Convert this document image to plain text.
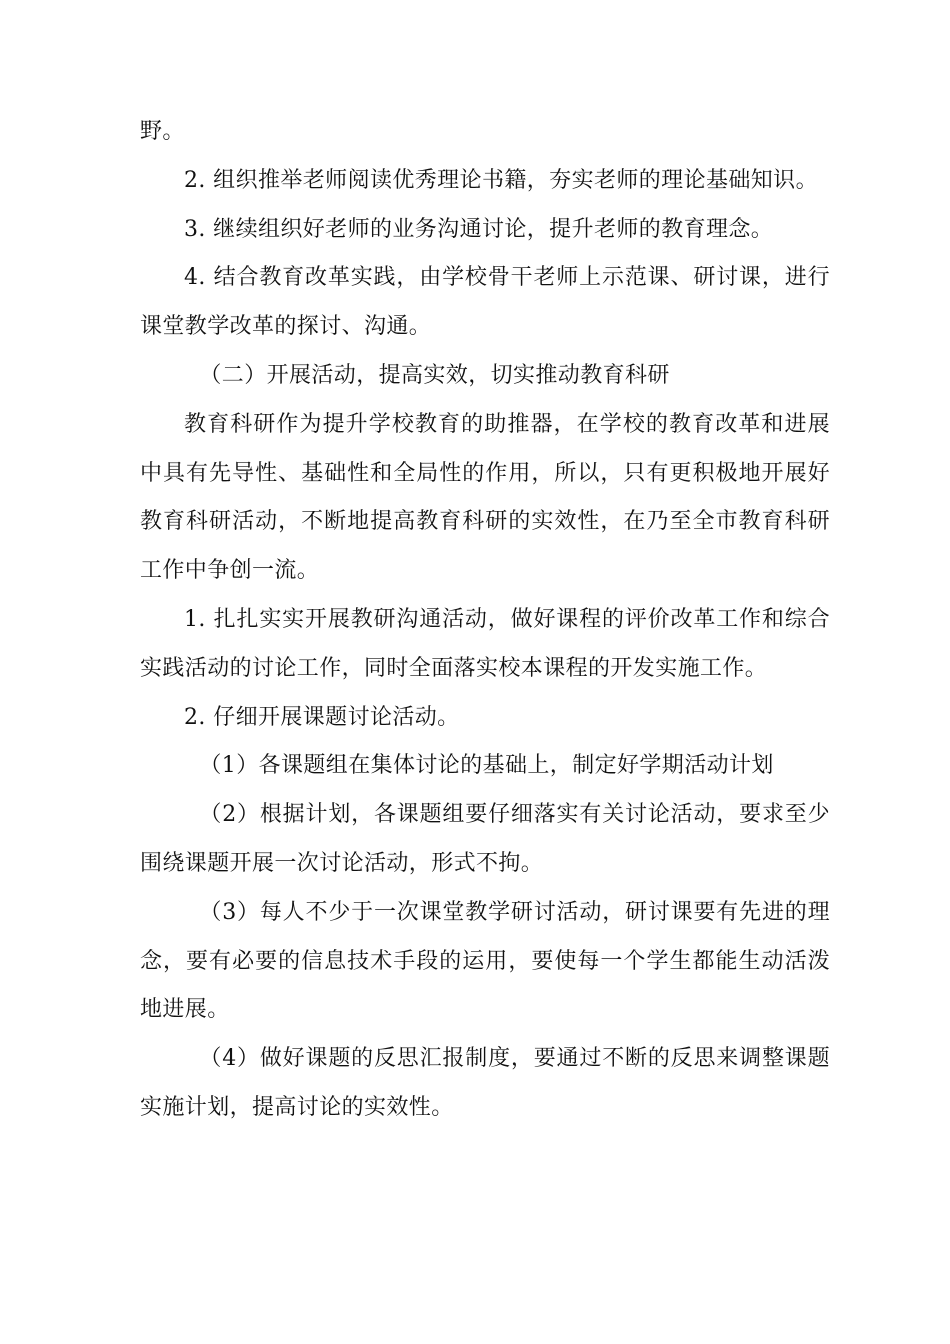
野。

2. 组织推举老师阅读优秀理论书籍，夯实老师的理论基础知识。

3. 继续组织好老师的业务沟通讨论，提升老师的教育理念。

4. 结合教育改革实践，由学校骨干老师上示范课、研讨课，进行课堂教学改革的探讨、沟通。

（二）开展活动，提高实效，切实推动教育科研

教育科研作为提升学校教育的助推器，在学校的教育改革和进展中具有先导性、基础性和全局性的作用，所以，只有更积极地开展好教育科研活动，不断地提高教育科研的实效性，在乃至全市教育科研工作中争创一流。

1. 扎扎实实开展教研沟通活动，做好课程的评价改革工作和综合实践活动的讨论工作，同时全面落实校本课程的开发实施工作。

2. 仔细开展课题讨论活动。

（1）各课题组在集体讨论的基础上，制定好学期活动计划

（2）根据计划，各课题组要仔细落实有关讨论活动，要求至少围绕课题开展一次讨论活动，形式不拘。

（3）每人不少于一次课堂教学研讨活动，研讨课要有先进的理念，要有必要的信息技术手段的运用，要使每一个学生都能生动活泼地进展。

（4）做好课题的反思汇报制度，要通过不断的反思来调整课题实施计划，提高讨论的实效性。
